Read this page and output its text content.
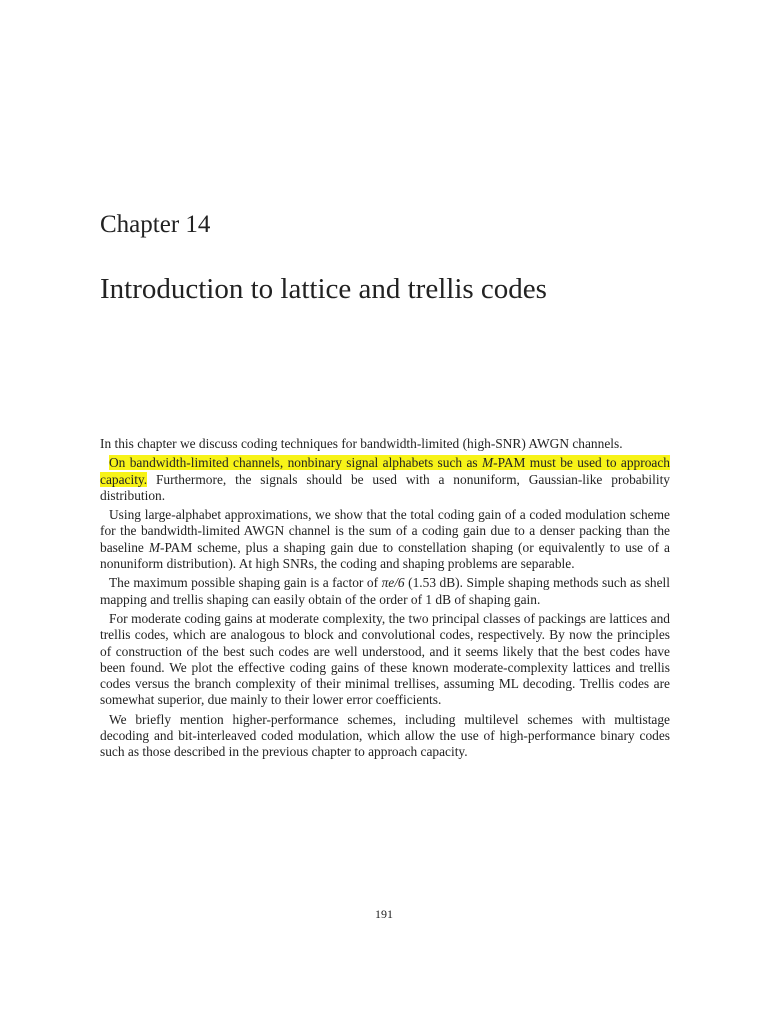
Chapter 14
Introduction to lattice and trellis codes

In this chapter we discuss coding techniques for bandwidth-limited (high-SNR) AWGN channels.

On bandwidth-limited channels, nonbinary signal alphabets such as M-PAM must be used to approach capacity. Furthermore, the signals should be used with a nonuniform, Gaussian-like probability distribution.

Using large-alphabet approximations, we show that the total coding gain of a coded modulation scheme for the bandwidth-limited AWGN channel is the sum of a coding gain due to a denser packing than the baseline M-PAM scheme, plus a shaping gain due to constellation shaping (or equivalently to use of a nonuniform distribution). At high SNRs, the coding and shaping problems are separable.

The maximum possible shaping gain is a factor of πe/6 (1.53 dB). Simple shaping methods such as shell mapping and trellis shaping can easily obtain of the order of 1 dB of shaping gain.

For moderate coding gains at moderate complexity, the two principal classes of packings are lattices and trellis codes, which are analogous to block and convolutional codes, respectively. By now the principles of construction of the best such codes are well understood, and it seems likely that the best codes have been found. We plot the effective coding gains of these known moderate-complexity lattices and trellis codes versus the branch complexity of their minimal trellises, assuming ML decoding. Trellis codes are somewhat superior, due mainly to their lower error coefficients.

We briefly mention higher-performance schemes, including multilevel schemes with multistage decoding and bit-interleaved coded modulation, which allow the use of high-performance binary codes such as those described in the previous chapter to approach capacity.

191
